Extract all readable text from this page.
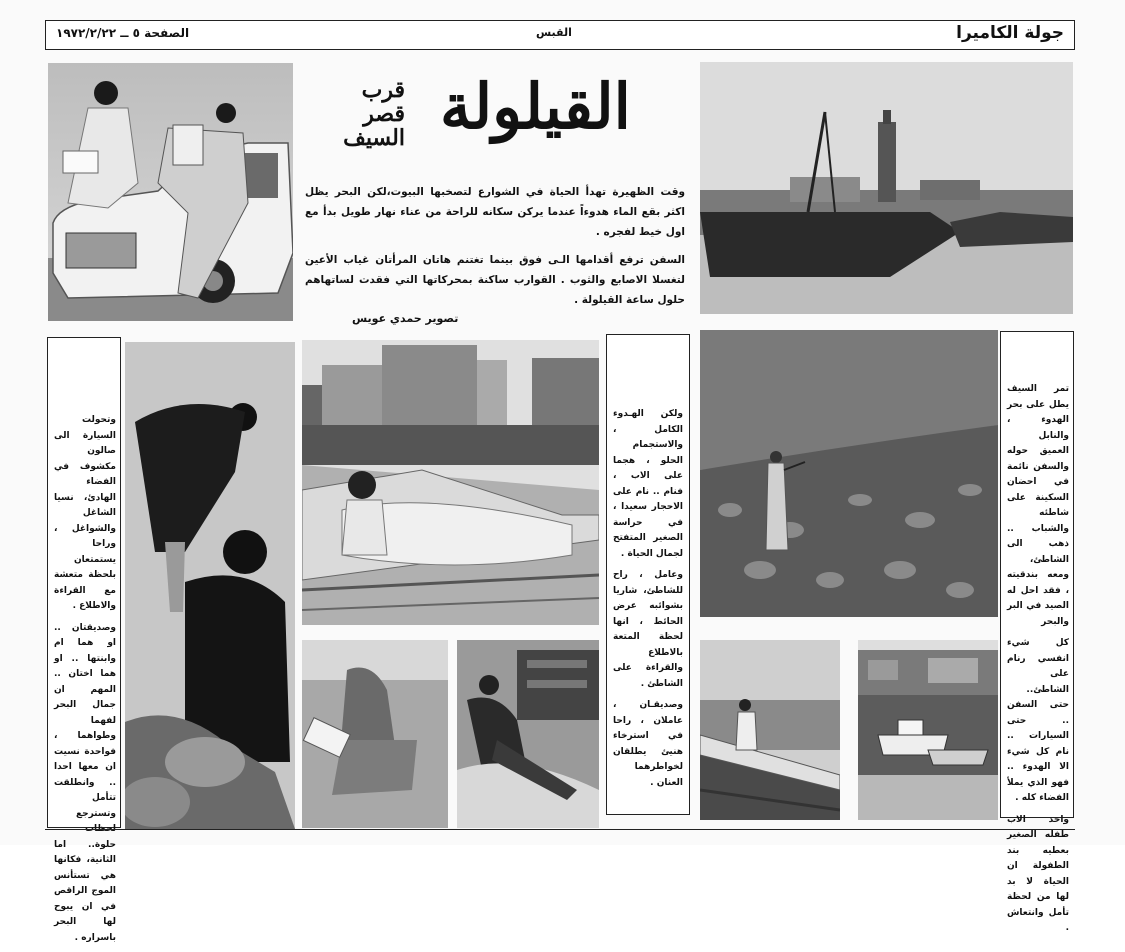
الصفحة ٥ ــ ١٩٧٢/٢/٢٢	القبس	جولة الكاميرا
القيلولة
قرب
قصر
السيف

وقت الظهيرة تهدأ الحياة في الشوارع لتصخبها البيوت،لكن البحر يظل اكثر بقع الماء هدوءاً عندما يركن سكانه للراحة من عناء نهار طويل بدأ مع اول خيط لفجره .

السفن ترفع أقدامها الـى فوق بينما تغتنم هاتان المرأتان غياب الأعين لتغسلا الاصابع والثوب . القوارب ساكنة بمحركاتها التي فقدت لساتهاهم حلول ساعة القيلولة .

تصوير حمدي عويس

وتحولت السيارة الى صالون مكشوف في الفضاء الهادئ، نسيا الشاغل والشواغل ، وراحا يستمتعان بلحظة متعشة مع القراءة والاطلاع .

وصديقتان .. او هما ام وابنتها .. او هما اختان .. المهم ان جمال البحر لفهما وطواهما ، فواحدة نسيت ان معها احدا .. وانطلقت تتأمل وتسترجع لحظات حلوة.. اما الثانية، فكانها هي تستأنس الموج الراقص في ان يبوح لها البحر باسراره .

ولكن الهـدوء الكامل ، والاستجمام الحلو ، هجما على الاب ، فنام .. نام على الاحجار سعيدا ، في حراسة الصغير المتفتح لجمال الحياة .

وعامل ، راح للشاطئ، شاريا بشوائبه عرض الحائط ، انها لحظة المتعة بالاطلاع والقراءة على الشاطئ .

وصديقـان ، عاملان ، راحا في استرخاء هنيئ يطلقان لخواطرهما العنان .

تمر السيف يطل على بحر الهدوء ، والنابل العميق حوله والسفن نائمة في احضان السكينة على شاطئه والشباب .. ذهب الى الشاطئ، ومعه بندقيته ، فقد احل له الصيد في البر والبحر

كل شيء انفسي رنام على الشاطئ.. حتى السفن .. حتى السيارات .. نام كل شيء الا الهدوء .. فهو الذي يملأ الفضاء كله .

واخذ الاب طفله الصغير بعطيه بند الطفولة ان الحياة لا بد لها من لحظة تأمل وانتعاش .
